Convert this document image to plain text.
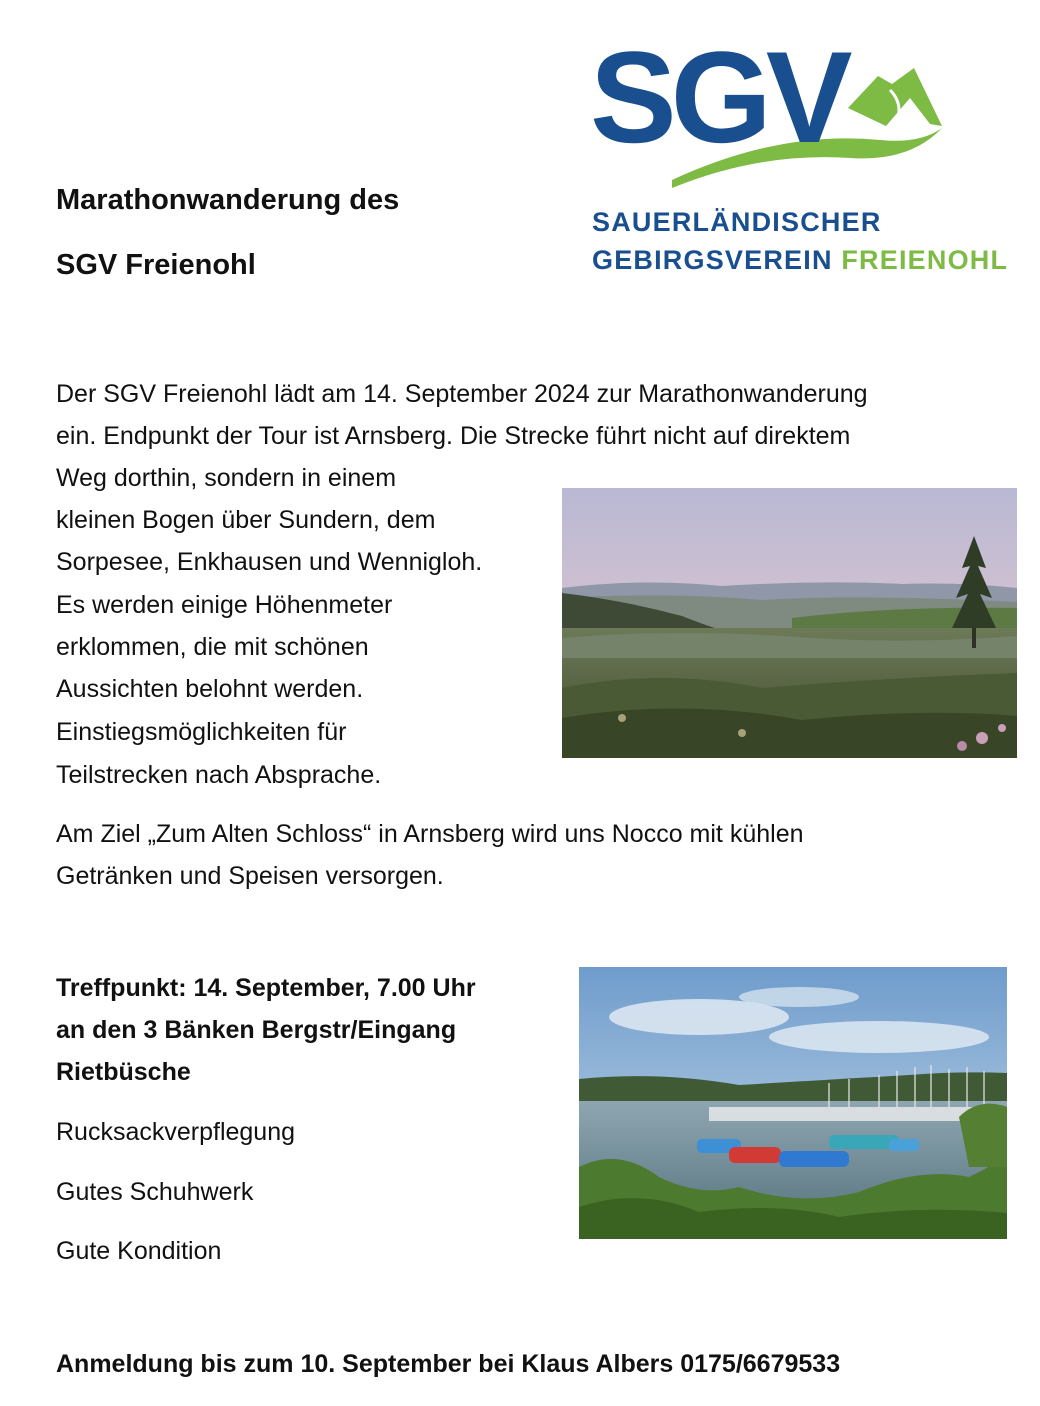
Marathonwanderung des
SGV Freienohl
SGV
SAUERLÄNDISCHER
GEBIRGSVEREIN FREIENOHL

Der SGV Freienohl lädt am 14. September 2024 zur Marathonwanderung

ein. Endpunkt der Tour ist Arnsberg. Die Strecke führt nicht auf direktem

Weg dorthin, sondern in einem

kleinen Bogen über Sundern, dem

Sorpesee, Enkhausen und Wennigloh.

Es werden einige Höhenmeter

erklommen, die mit schönen

Aussichten belohnt werden.

Einstiegsmöglichkeiten für

Teilstrecken nach Absprache.

Am Ziel „Zum Alten Schloss“ in Arnsberg wird uns Nocco mit kühlen

Getränken und Speisen versorgen.

Treffpunkt: 14. September, 7.00 Uhr

an den 3 Bänken Bergstr/Eingang

Rietbüsche

Rucksackverpflegung

Gutes Schuhwerk

Gute Kondition

Anmeldung bis zum 10. September bei Klaus Albers 0175/6679533
